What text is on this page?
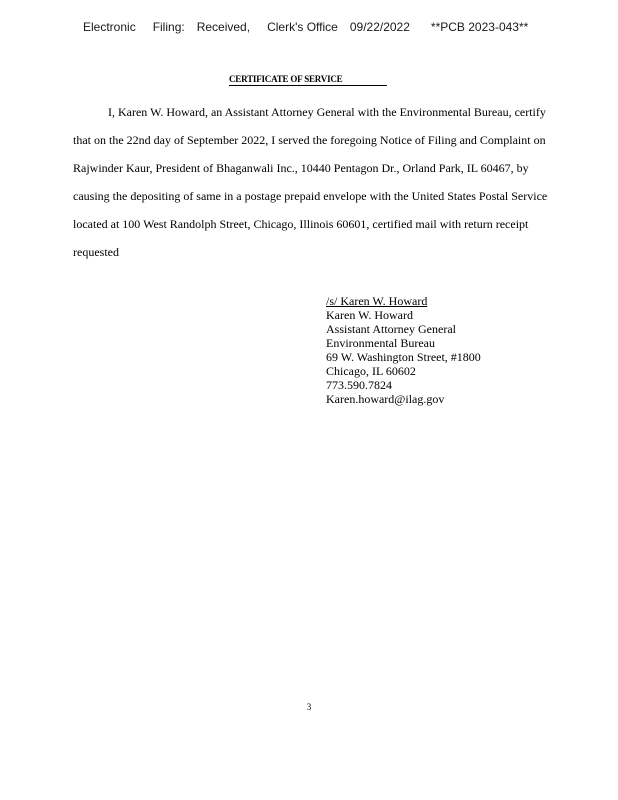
Electronic Filing: Received, Clerk's Office 09/22/2022 **PCB 2023-043**
CERTIFICATE OF SERVICE

I, Karen W. Howard, an Assistant Attorney General with the Environmental Bureau, certify that on the 22nd day of September 2022, I served the foregoing Notice of Filing and Complaint on Rajwinder Kaur, President of Bhaganwali Inc., 10440 Pentagon Dr., Orland Park, IL 60467, by causing the depositing of same in a postage prepaid envelope with the United States Postal Service located at 100 West Randolph Street, Chicago, Illinois 60601, certified mail with return receipt requested

/s/ Karen W. Howard
Karen W. Howard
Assistant Attorney General
Environmental Bureau
69 W. Washington Street, #1800
Chicago, IL 60602
773.590.7824
Karen.howard@ilag.gov
3
